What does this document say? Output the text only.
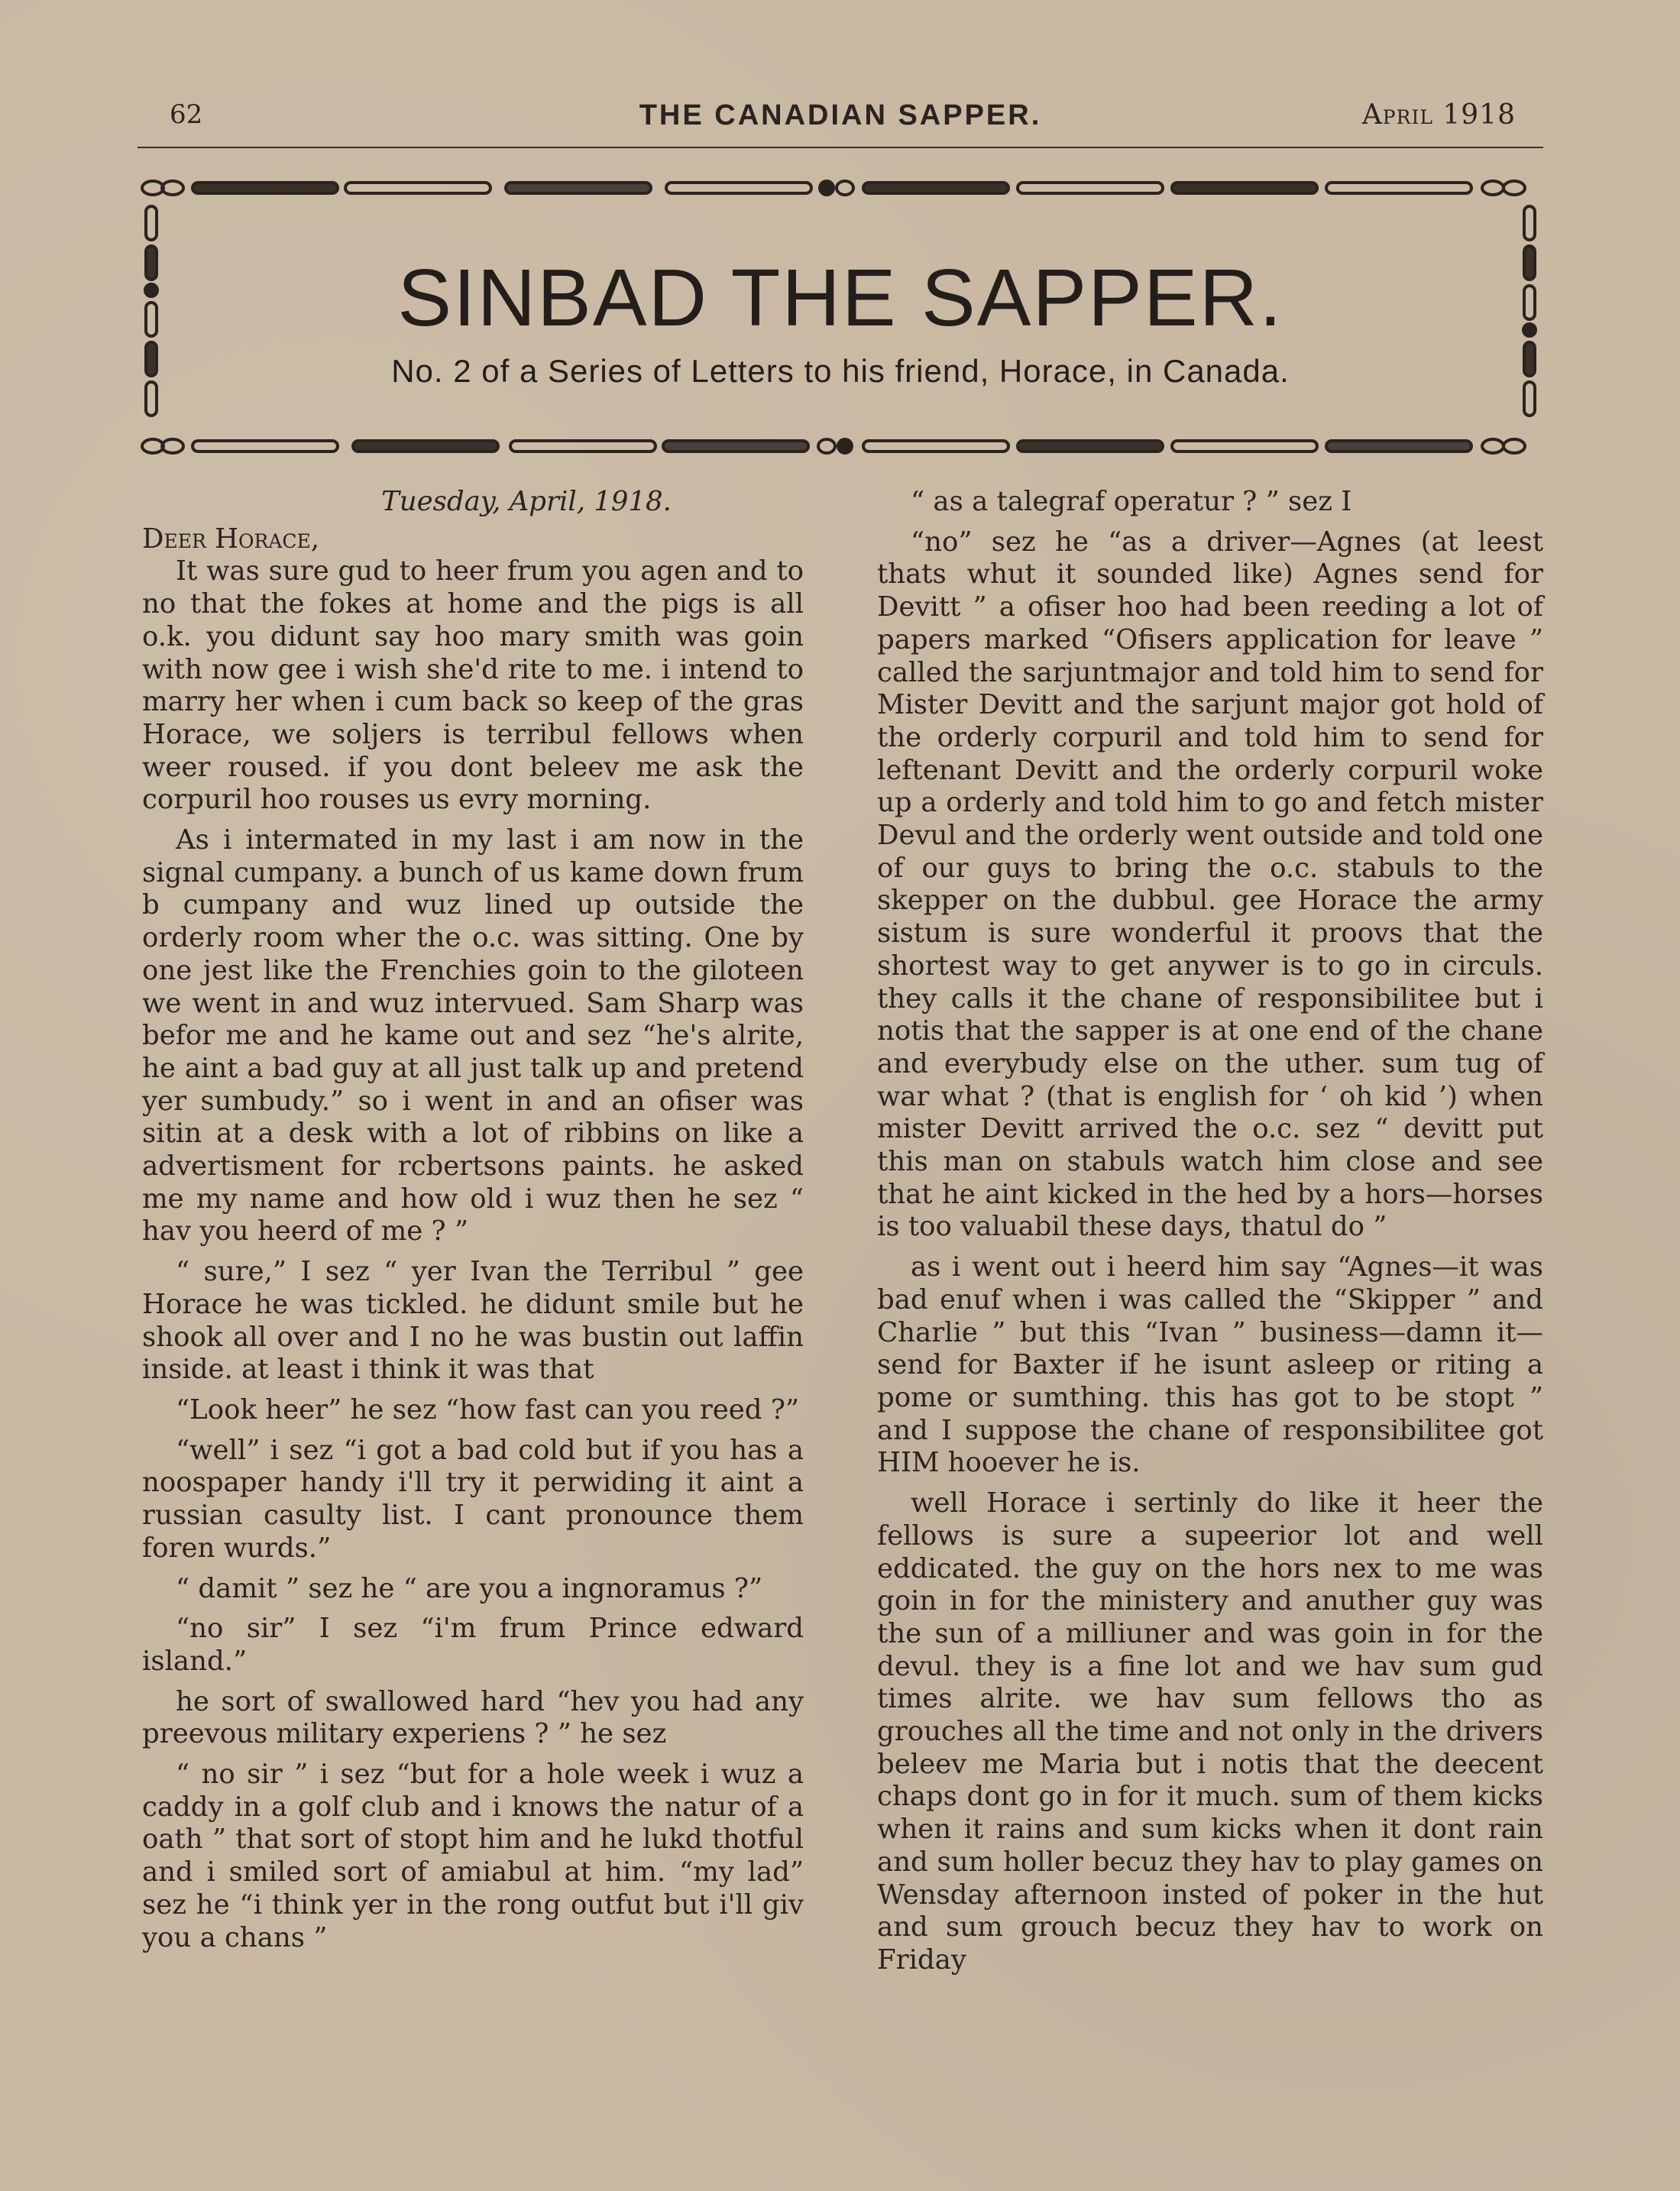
62	THE CANADIAN SAPPER.	April 1918
SINBAD THE SAPPER.
No. 2 of a Series of Letters to his friend, Horace, in Canada.

Tuesday, April, 1918.

Deer Horace,

It was sure gud to heer frum you agen and to no that the fokes at home and the pigs is all o.k. you didunt say hoo mary smith was goin with now gee i wish she'd rite to me. i intend to marry her when i cum back so keep of the gras Horace, we soljers is terribul fellows when weer roused. if you dont beleev me ask the corpuril hoo rouses us evry morning.

As i intermated in my last i am now in the signal cumpany. a bunch of us kame down frum b cumpany and wuz lined up outside the orderly room wher the o.c. was sitting. One by one jest like the Frenchies goin to the giloteen we went in and wuz intervued. Sam Sharp was befor me and he kame out and sez “he's alrite, he aint a bad guy at all just talk up and pretend yer sumbudy.” so i went in and an ofiser was sitin at a desk with a lot of ribbins on like a advertisment for rcbertsons paints. he asked me my name and how old i wuz then he sez “ hav you heerd of me ? ”

“ sure,” I sez “ yer Ivan the Terribul ” gee Horace he was tickled. he didunt smile but he shook all over and I no he was bustin out laffin inside. at least i think it was that

“Look heer” he sez “how fast can you reed ?”

“well” i sez “i got a bad cold but if you has a noospaper handy i'll try it perwiding it aint a russian casulty list. I cant pronounce them foren wurds.”

“ damit ” sez he “ are you a ingnoramus ?”

“no sir” I sez “i'm frum Prince edward island.”

he sort of swallowed hard “hev you had any preevous military experiens ? ” he sez

“ no sir ” i sez “but for a hole week i wuz a caddy in a golf club and i knows the natur of a oath ” that sort of stopt him and he lukd thotful and i smiled sort of amiabul at him. “my lad” sez he “i think yer in the rong outfut but i'll giv you a chans ”

“ as a talegraf operatur ? ” sez I

“no” sez he “as a driver—Agnes (at leest thats whut it sounded like) Agnes send for Devitt ” a ofiser hoo had been reeding a lot of papers marked “Ofisers application for leave ” called the sarjuntmajor and told him to send for Mister Devitt and the sarjunt major got hold of the orderly corpuril and told him to send for leftenant Devitt and the orderly corpuril woke up a orderly and told him to go and fetch mister Devul and the orderly went outside and told one of our guys to bring the o.c. stabuls to the skepper on the dubbul. gee Horace the army sistum is sure wonderful it proovs that the shortest way to get anywer is to go in circuls. they calls it the chane of responsibilitee but i notis that the sapper is at one end of the chane and everybudy else on the uther. sum tug of war what ? (that is english for ‘ oh kid ’) when mister Devitt arrived the o.c. sez “ devitt put this man on stabuls watch him close and see that he aint kicked in the hed by a hors—horses is too valuabil these days, thatul do ”

as i went out i heerd him say “Agnes—it was bad enuf when i was called the “Skipper ” and Charlie ” but this “Ivan ” business—damn it—send for Baxter if he isunt asleep or riting a pome or sumthing. this has got to be stopt ” and I suppose the chane of responsibilitee got HIM hooever he is.

well Horace i sertinly do like it heer the fellows is sure a supeerior lot and well eddicated. the guy on the hors nex to me was goin in for the ministery and anuther guy was the sun of a milliuner and was goin in for the devul. they is a fine lot and we hav sum gud times alrite. we hav sum fellows tho as grouches all the time and not only in the drivers beleev me Maria but i notis that the deecent chaps dont go in for it much. sum of them kicks when it rains and sum kicks when it dont rain and sum holler becuz they hav to play games on Wensday afternoon insted of poker in the hut and sum grouch becuz they hav to work on Friday
